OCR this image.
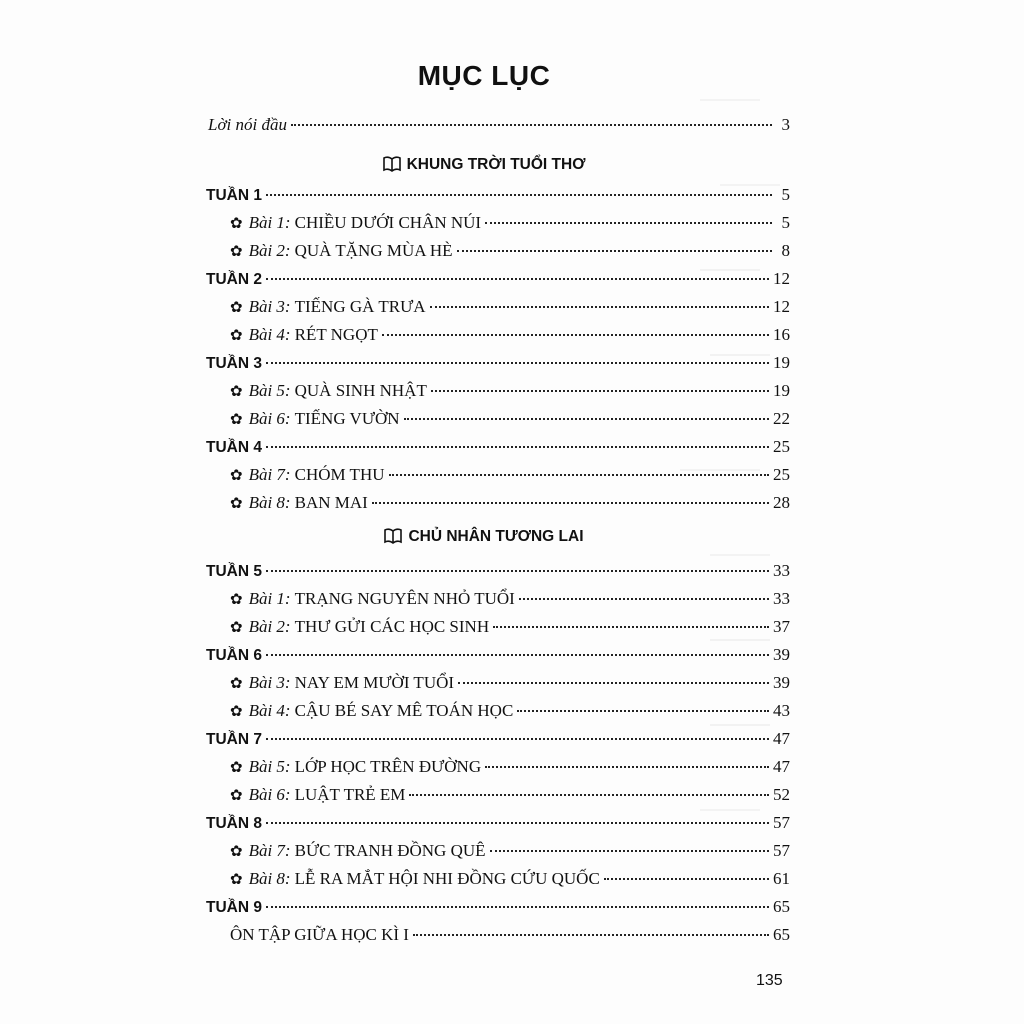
MỤC LỤC
Lời nói đầu	3
KHUNG TRỜI TUỔI THƠ
CHỦ NHÂN TƯƠNG LAI
TUẦN 1	5
✿ Bài 1: CHIỀU DƯỚI CHÂN NÚI	5
✿ Bài 2: QUÀ TẶNG MÙA HÈ	8
TUẦN 2	12
✿ Bài 3: TIẾNG GÀ TRƯA	12
✿ Bài 4: RÉT NGỌT	16
TUẦN 3	19
✿ Bài 5: QUÀ SINH NHẬT	19
✿ Bài 6: TIẾNG VƯỜN	22
TUẦN 4	25
✿ Bài 7: CHÓM THU	25
✿ Bài 8: BAN MAI	28
TUẦN 5	33
✿ Bài 1: TRẠNG NGUYÊN NHỎ TUỔI	33
✿ Bài 2: THƯ GỬI CÁC HỌC SINH	37
TUẦN 6	39
✿ Bài 3: NAY EM MƯỜI TUỔI	39
✿ Bài 4: CẬU BÉ SAY MÊ TOÁN HỌC	43
TUẦN 7	47
✿ Bài 5: LỚP HỌC TRÊN ĐƯỜNG	47
✿ Bài 6: LUẬT TRẺ EM	52
TUẦN 8	57
✿ Bài 7: BỨC TRANH ĐỒNG QUÊ	57
✿ Bài 8: LỄ RA MẮT HỘI NHI ĐỒNG CỨU QUỐC	61
TUẦN 9	65
ÔN TẬP GIỮA HỌC KÌ I	65
135
